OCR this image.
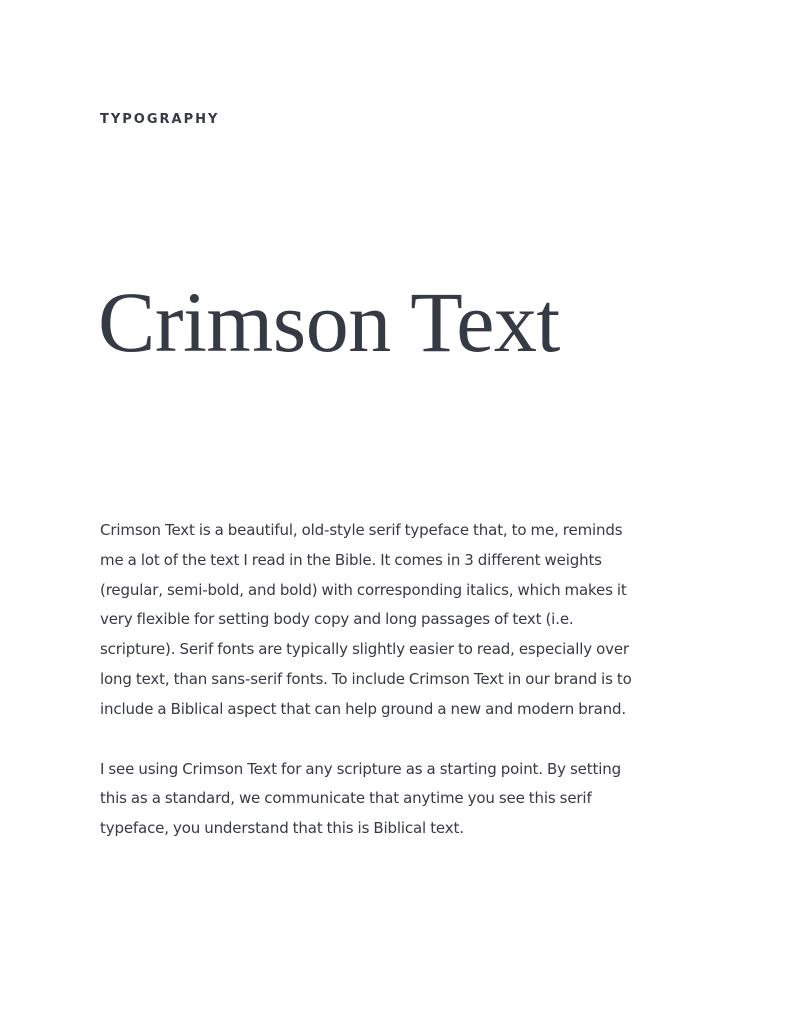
TYPOGRAPHY
Crimson Text

Crimson Text is a beautiful, old-style serif typeface that, to me, reminds
me a lot of the text I read in the Bible. It comes in 3 different weights
(regular, semi-bold, and bold) with corresponding italics, which makes it
very flexible for setting body copy and long passages of text (i.e.
scripture). Serif fonts are typically slightly easier to read, especially over
long text, than sans-serif fonts. To include Crimson Text in our brand is to
include a Biblical aspect that can help ground a new and modern brand.

I see using Crimson Text for any scripture as a starting point. By setting
this as a standard, we communicate that anytime you see this serif
typeface, you understand that this is Biblical text.
